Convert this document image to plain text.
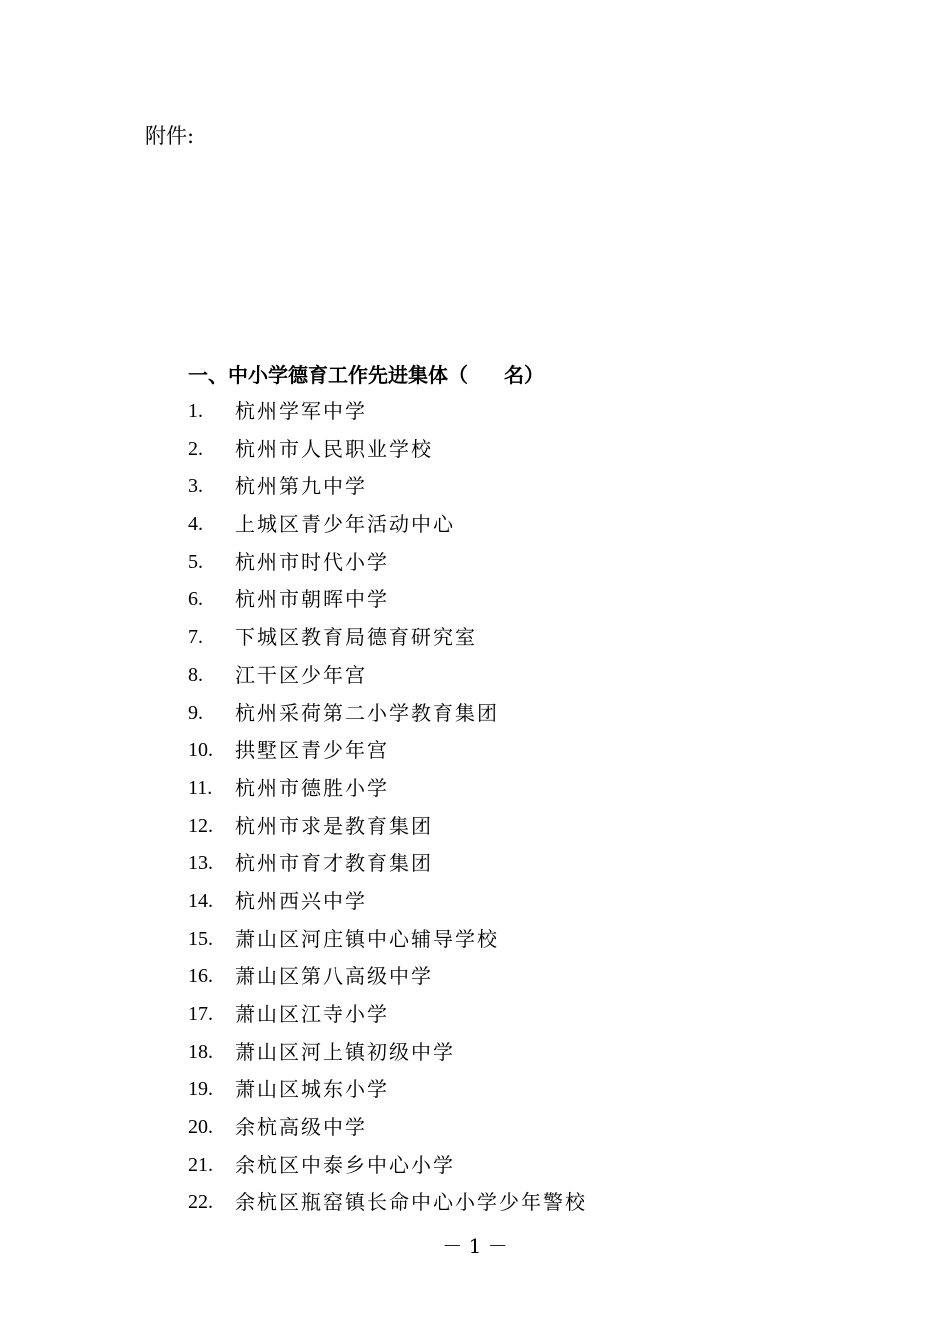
附件:
一、中小学德育工作先进集体（ 名）
1.	杭州学军中学
2.	杭州市人民职业学校
3.	杭州第九中学
4.	上城区青少年活动中心
5.	杭州市时代小学
6.	杭州市朝晖中学
7.	下城区教育局德育研究室
8.	江干区少年宫
9.	杭州采荷第二小学教育集团
10.	拱墅区青少年宫
11.	杭州市德胜小学
12.	杭州市求是教育集团
13.	杭州市育才教育集团
14.	杭州西兴中学
15.	萧山区河庄镇中心辅导学校
16.	萧山区第八高级中学
17.	萧山区江寺小学
18.	萧山区河上镇初级中学
19.	萧山区城东小学
20.	余杭高级中学
21.	余杭区中泰乡中心小学
22.	余杭区瓶窑镇长命中心小学少年警校
－ 1 －
